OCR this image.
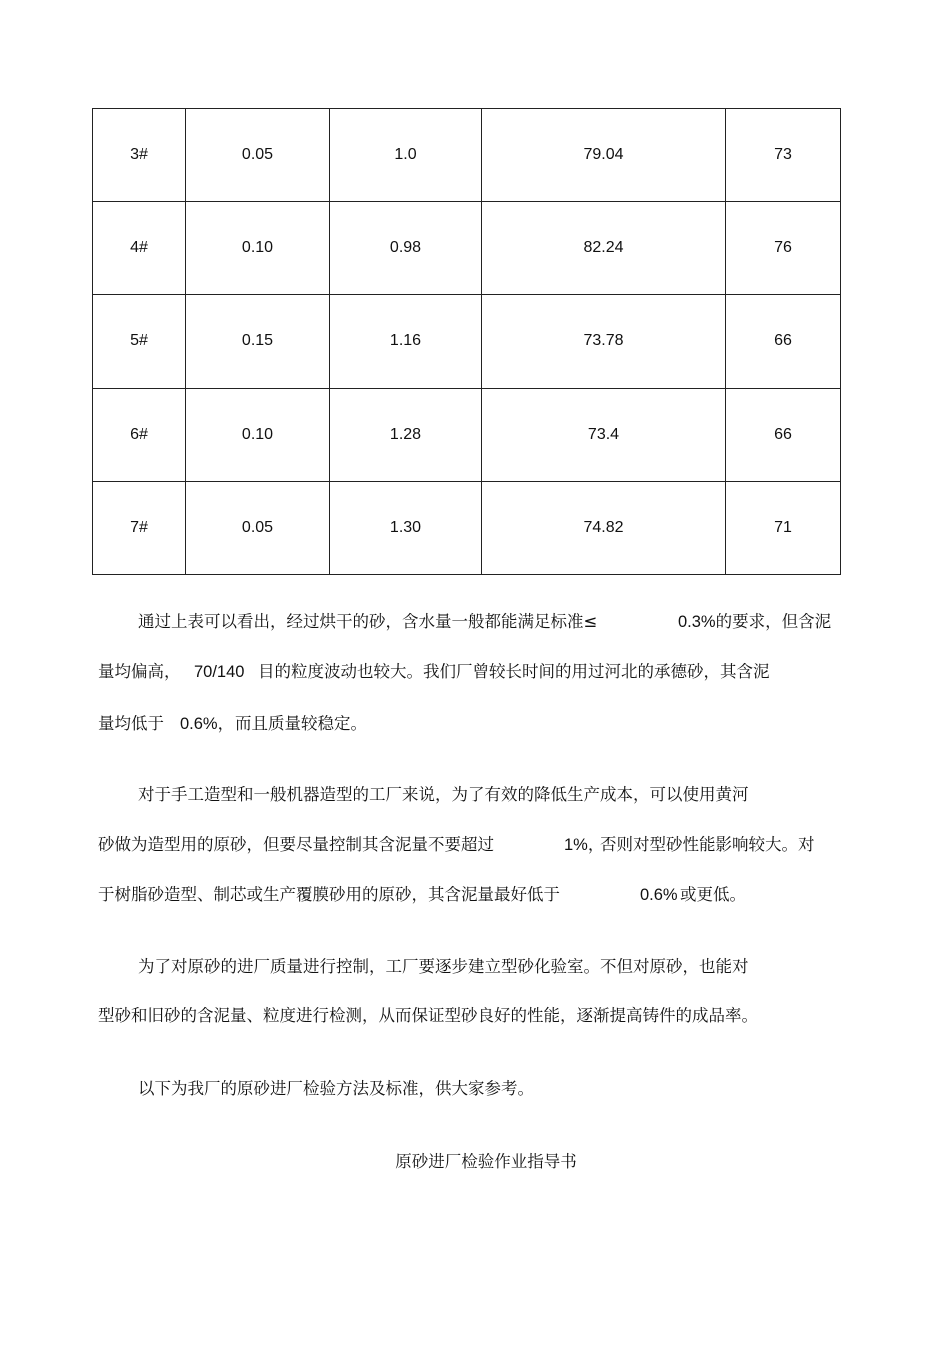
3#	0.05	1.0	79.04	73
4#	0.10	0.98	82.24	76
5#	0.15	1.16	73.78	66
6#	0.10	1.28	73.4	66
7#	0.05	1.30	74.82	71
通过上表可以看出，经过烘干的砂，含水量一般都能满足标准≤	0.3%的要求，但含泥
量均偏高， 70/140 目的粒度波动也较大。我们厂曾较长时间的用过河北的承德砂，其含泥
量均低于 0.6%， 而且质量较稳定。
对于手工造型和一般机器造型的工厂来说，为了有效的降低生产成本，可以使用黄河
砂做为造型用的原砂，但要尽量控制其含泥量不要超过	1%，
否则对型砂性能影响较大。对
于树脂砂造型、制芯或生产覆膜砂用的原砂，其含泥量最好低于	0.6% 或更低。
为了对原砂的进厂质量进行控制，工厂要逐步建立型砂化验室。不但对原砂，也能对
型砂和旧砂的含泥量、粒度进行检测，从而保证型砂良好的性能，逐渐提高铸件的成品率。
以下为我厂的原砂进厂检验方法及标准，供大家参考。
原砂进厂检验作业指导书
